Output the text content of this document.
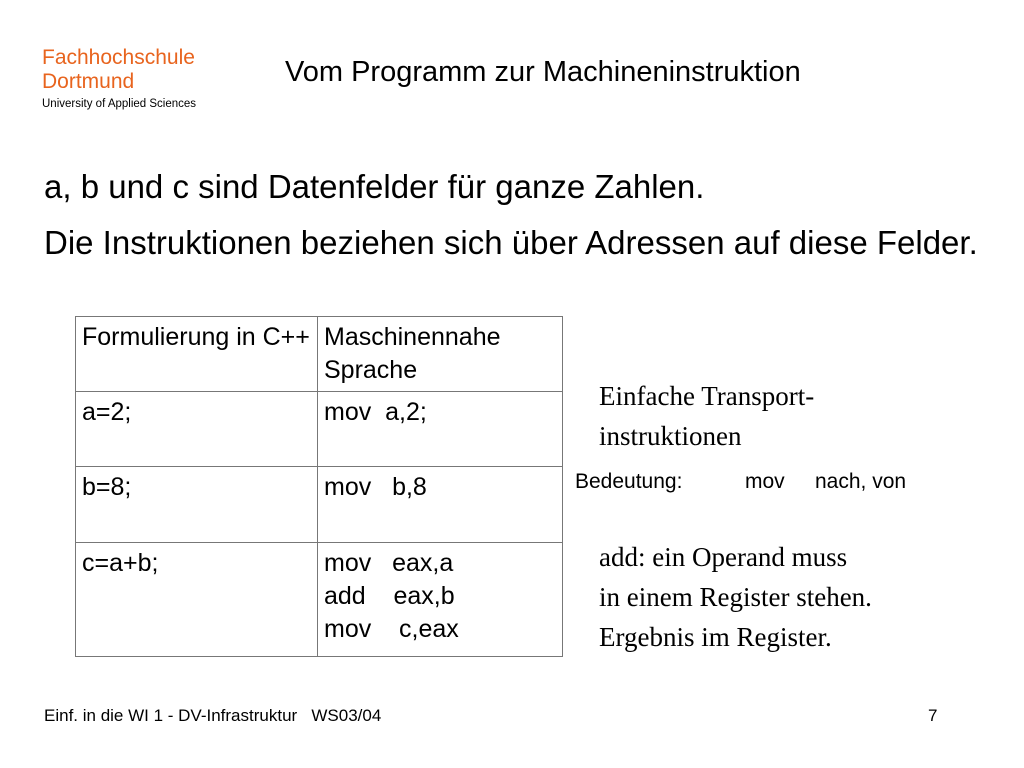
Fachhochschule
Dortmund
University of Applied Sciences
Vom Programm zur Machineninstruktion

a, b und c sind Datenfelder für ganze Zahlen.

Die Instruktionen beziehen sich über Adressen auf diese Felder.

Formulierung in C++	Maschinennahe Sprache
a=2;	mov  a,2;

b=8;	mov   b,8

c=a+b;	mov   eax,a
add    eax,b
mov    c,eax
Einfache Transport-
instruktionen
Bedeutung:	mov nach, von
add: ein Operand muss
in einem Register stehen.
Ergebnis im Register.
Einf. in die WI 1 - DV-Infrastruktur   WS03/04	7
